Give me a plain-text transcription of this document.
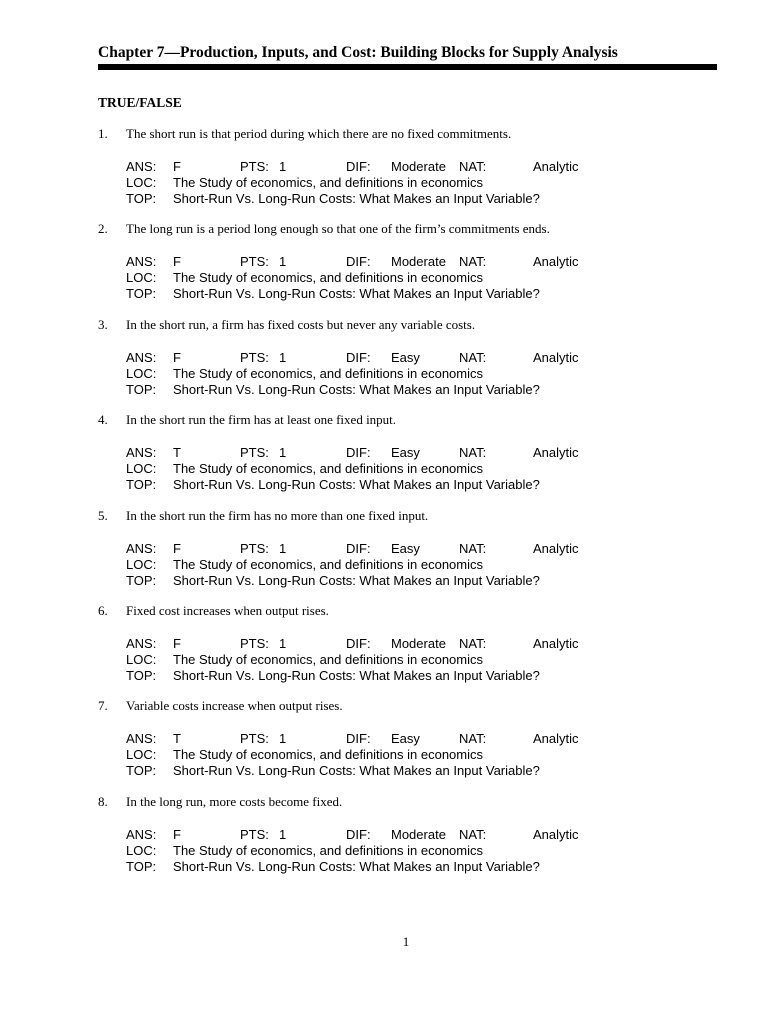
Chapter 7—Production, Inputs, and Cost: Building Blocks for Supply Analysis
TRUE/FALSE
1. The short run is that period during which there are no fixed commitments.
ANS: F	PTS: 1	DIF: Moderate NAT:	Analytic
LOC: The Study of economics, and definitions in economics
TOP: Short-Run Vs. Long-Run Costs: What Makes an Input Variable?
2. The long run is a period long enough so that one of the firm’s commitments ends.
ANS: F	PTS: 1	DIF: Moderate NAT:	Analytic
LOC: The Study of economics, and definitions in economics
TOP: Short-Run Vs. Long-Run Costs: What Makes an Input Variable?
3. In the short run, a firm has fixed costs but never any variable costs.
ANS: F	PTS: 1	DIF: Easy	NAT:	Analytic
LOC: The Study of economics, and definitions in economics
TOP: Short-Run Vs. Long-Run Costs: What Makes an Input Variable?
4. In the short run the firm has at least one fixed input.
ANS: T	PTS: 1	DIF: Easy	NAT:	Analytic
LOC: The Study of economics, and definitions in economics
TOP: Short-Run Vs. Long-Run Costs: What Makes an Input Variable?
5. In the short run the firm has no more than one fixed input.
ANS: F	PTS: 1	DIF: Easy	NAT:	Analytic
LOC: The Study of economics, and definitions in economics
TOP: Short-Run Vs. Long-Run Costs: What Makes an Input Variable?
6. Fixed cost increases when output rises.
ANS: F	PTS: 1	DIF: Moderate NAT:	Analytic
LOC: The Study of economics, and definitions in economics
TOP: Short-Run Vs. Long-Run Costs: What Makes an Input Variable?
7. Variable costs increase when output rises.
ANS: T	PTS: 1	DIF: Easy	NAT:	Analytic
LOC: The Study of economics, and definitions in economics
TOP: Short-Run Vs. Long-Run Costs: What Makes an Input Variable?
8. In the long run, more costs become fixed.
ANS: F	PTS: 1	DIF: Moderate NAT:	Analytic
LOC: The Study of economics, and definitions in economics
TOP: Short-Run Vs. Long-Run Costs: What Makes an Input Variable?
1
